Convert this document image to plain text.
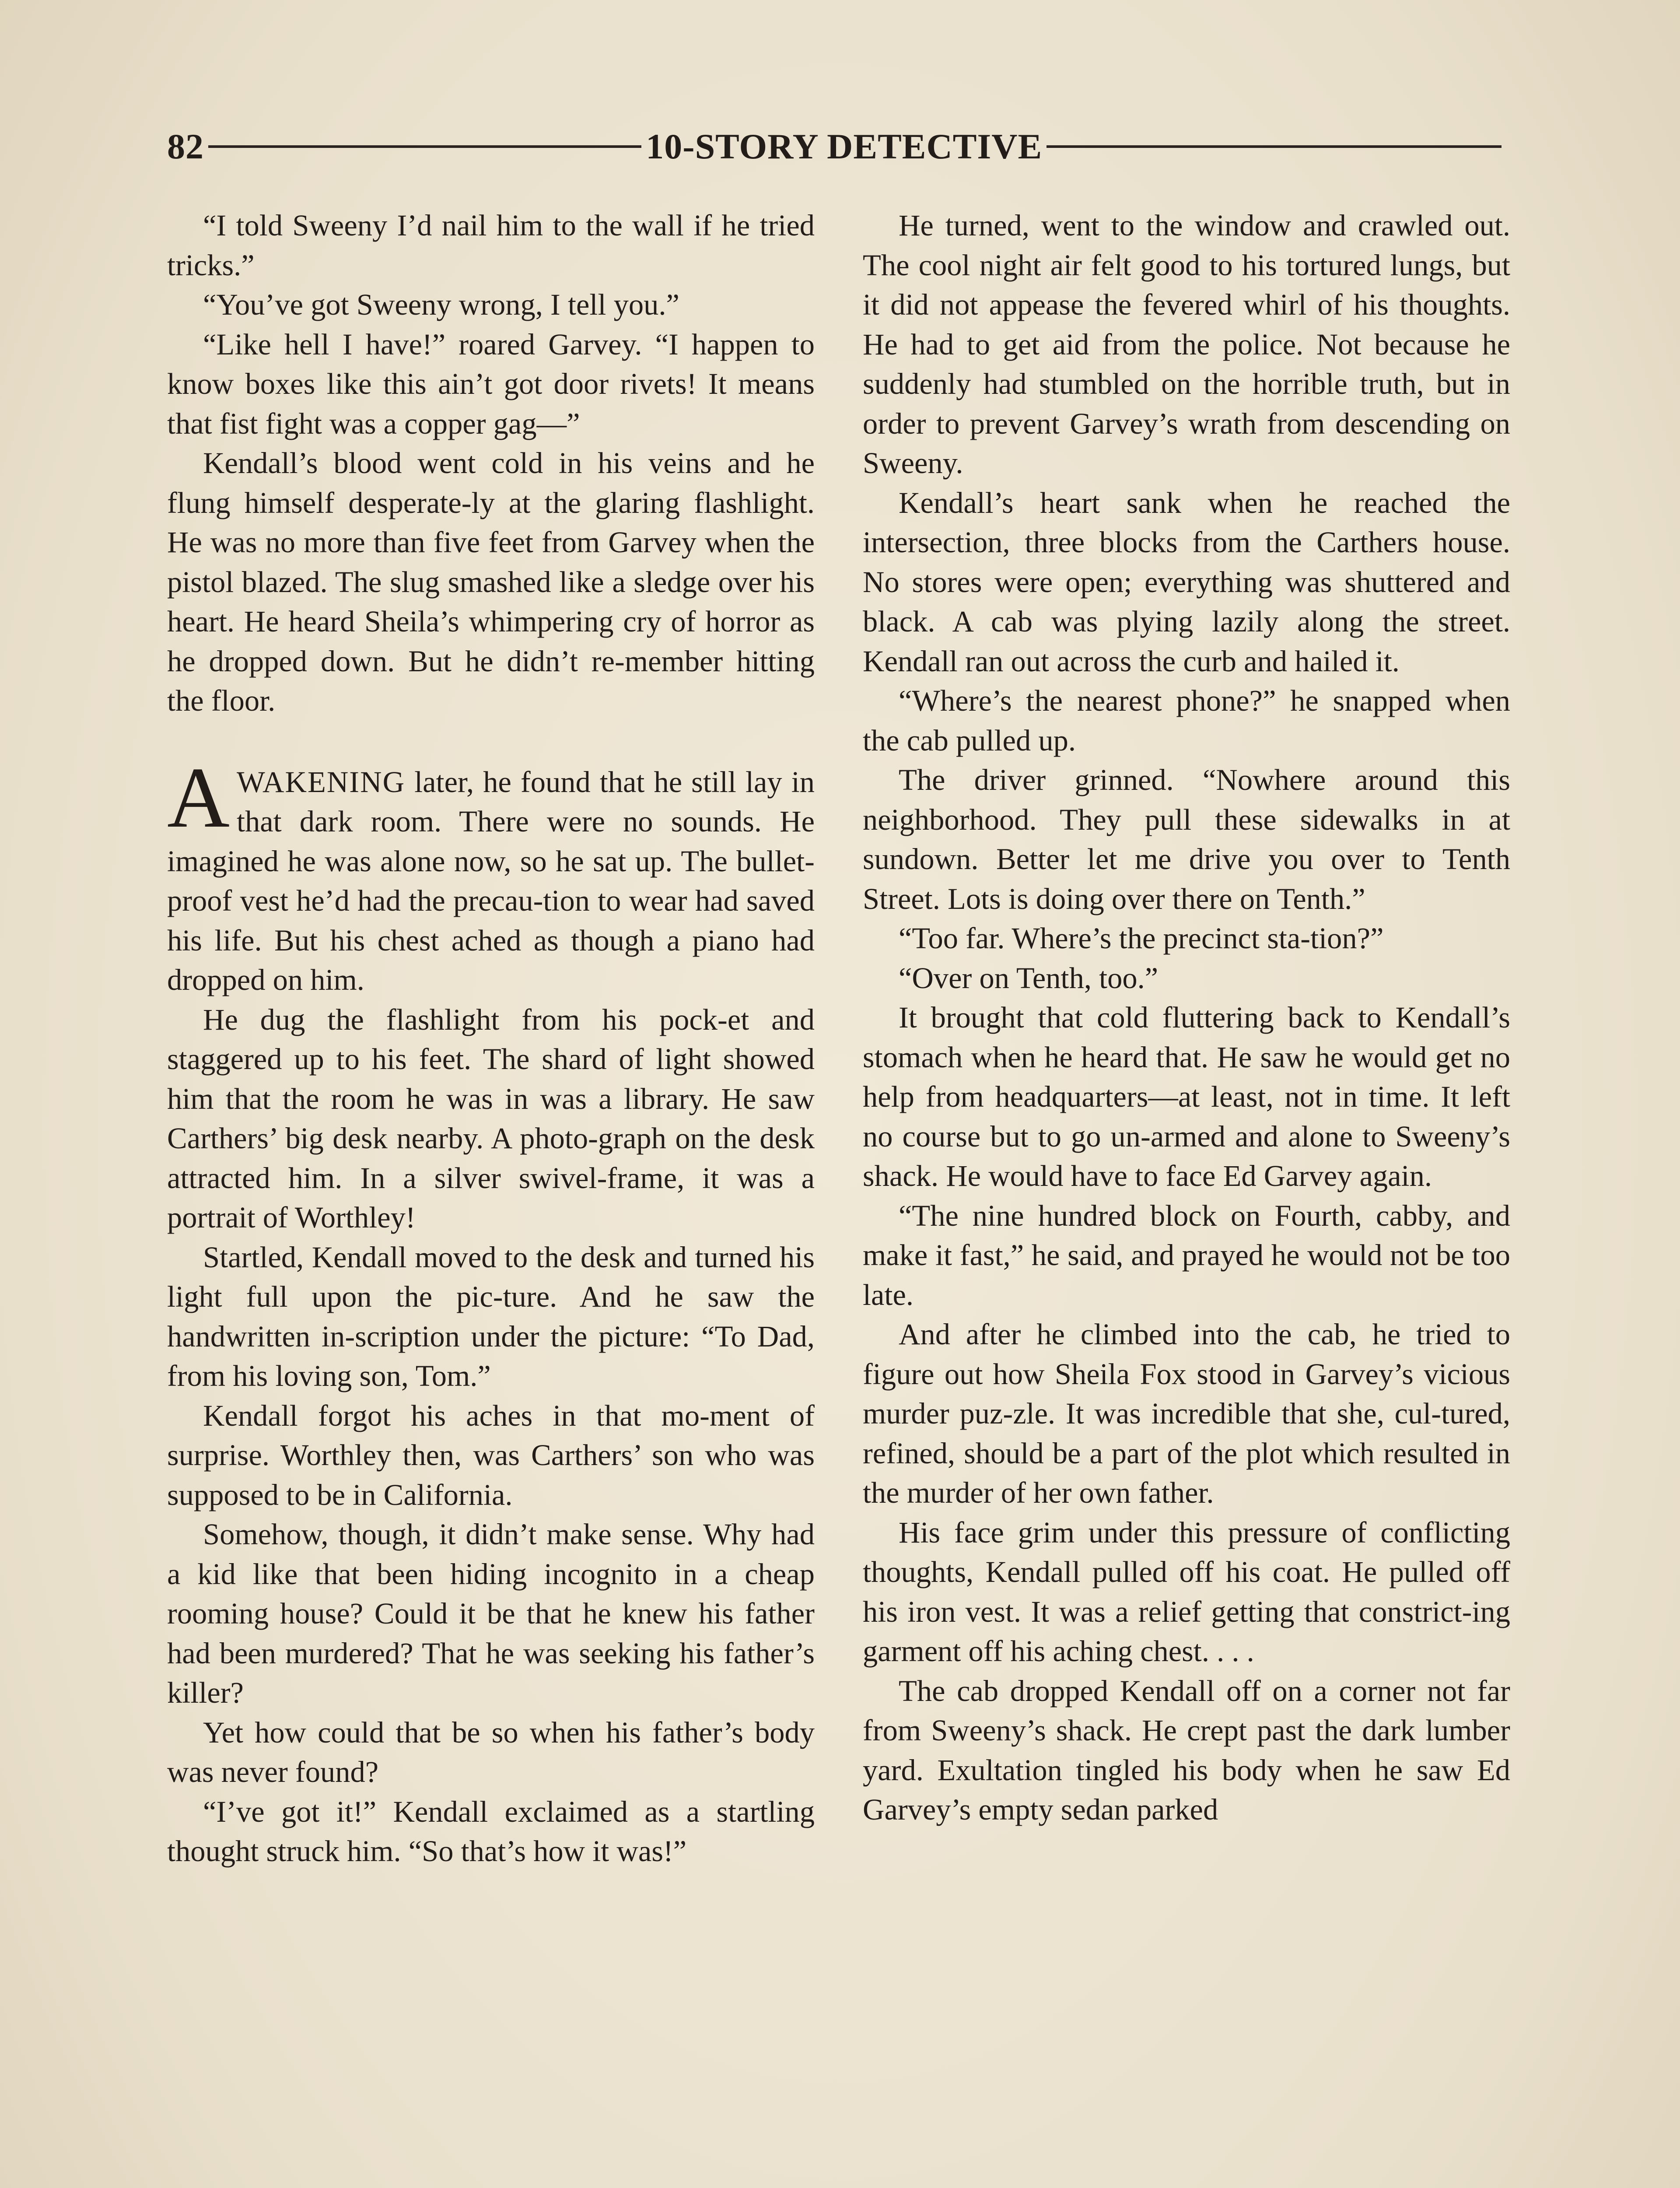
82	10-STORY DETECTIVE

“I told Sweeny I’d nail him to the wall if he tried tricks.”

“You’ve got Sweeny wrong, I tell you.”

“Like hell I have!” roared Garvey. “I happen to know boxes like this ain’t got door rivets! It means that fist fight was a copper gag—”

Kendall’s blood went cold in his veins and he flung himself desperate-ly at the glaring flashlight. He was no more than five feet from Garvey when the pistol blazed. The slug smashed like a sledge over his heart. He heard Sheila’s whimpering cry of horror as he dropped down. But he didn’t re-member hitting the floor.

AWAKENING later, he found that he still lay in that dark room. There were no sounds. He imagined he was alone now, so he sat up. The bullet-proof vest he’d had the precau-tion to wear had saved his life. But his chest ached as though a piano had dropped on him.

He dug the flashlight from his pock-et and staggered up to his feet. The shard of light showed him that the room he was in was a library. He saw Carthers’ big desk nearby. A photo-graph on the desk attracted him. In a silver swivel-frame, it was a portrait of Worthley!

Startled, Kendall moved to the desk and turned his light full upon the pic-ture. And he saw the handwritten in-scription under the picture: “To Dad, from his loving son, Tom.”

Kendall forgot his aches in that mo-ment of surprise. Worthley then, was Carthers’ son who was supposed to be in California.

Somehow, though, it didn’t make sense. Why had a kid like that been hiding incognito in a cheap rooming house? Could it be that he knew his father had been murdered? That he was seeking his father’s killer?

Yet how could that be so when his father’s body was never found?

“I’ve got it!” Kendall exclaimed as a startling thought struck him. “So that’s how it was!”

He turned, went to the window and crawled out. The cool night air felt good to his tortured lungs, but it did not appease the fevered whirl of his thoughts. He had to get aid from the police. Not because he suddenly had stumbled on the horrible truth, but in order to prevent Garvey’s wrath from descending on Sweeny.

Kendall’s heart sank when he reached the intersection, three blocks from the Carthers house. No stores were open; everything was shuttered and black. A cab was plying lazily along the street. Kendall ran out across the curb and hailed it.

“Where’s the nearest phone?” he snapped when the cab pulled up.

The driver grinned. “Nowhere around this neighborhood. They pull these sidewalks in at sundown. Better let me drive you over to Tenth Street. Lots is doing over there on Tenth.”

“Too far. Where’s the precinct sta-tion?”

“Over on Tenth, too.”

It brought that cold fluttering back to Kendall’s stomach when he heard that. He saw he would get no help from headquarters—at least, not in time. It left no course but to go un-armed and alone to Sweeny’s shack. He would have to face Ed Garvey again.

“The nine hundred block on Fourth, cabby, and make it fast,” he said, and prayed he would not be too late.

And after he climbed into the cab, he tried to figure out how Sheila Fox stood in Garvey’s vicious murder puz-zle. It was incredible that she, cul-tured, refined, should be a part of the plot which resulted in the murder of her own father.

His face grim under this pressure of conflicting thoughts, Kendall pulled off his coat. He pulled off his iron vest. It was a relief getting that constrict-ing garment off his aching chest. . . .

The cab dropped Kendall off on a corner not far from Sweeny’s shack. He crept past the dark lumber yard. Exultation tingled his body when he saw Ed Garvey’s empty sedan parked
